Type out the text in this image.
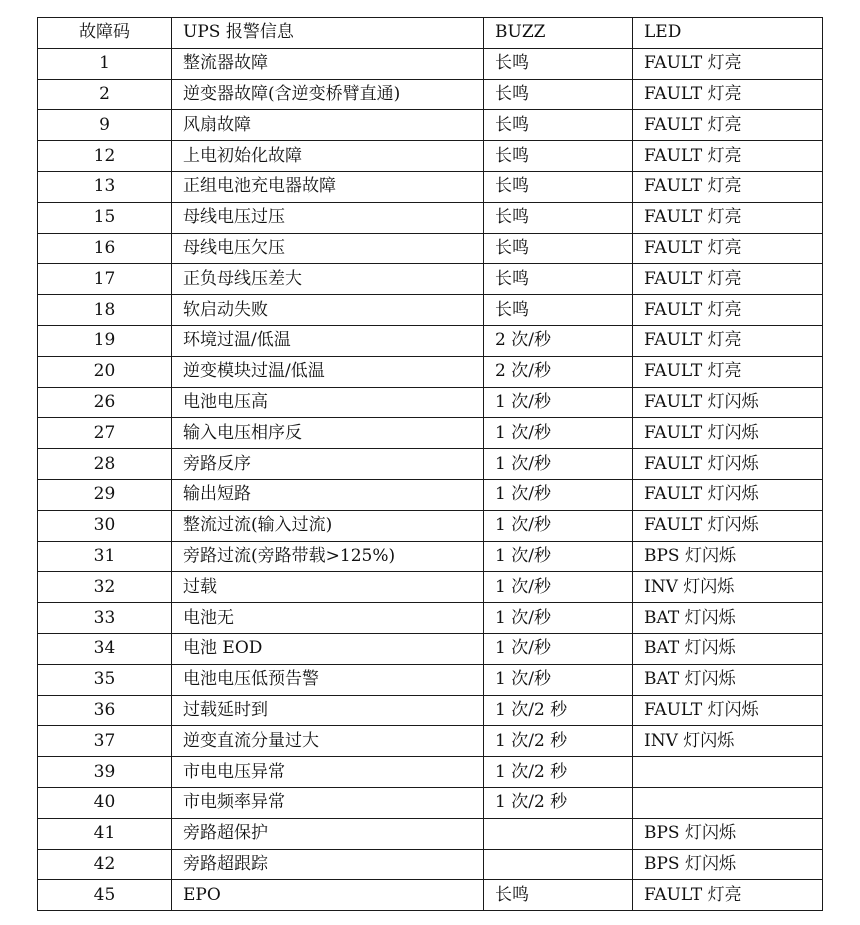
故障码	UPS 报警信息	BUZZ	LED
1	整流器故障	长鸣	FAULT 灯亮
2	逆变器故障(含逆变桥臂直通)	长鸣	FAULT 灯亮
9	风扇故障	长鸣	FAULT 灯亮
12	上电初始化故障	长鸣	FAULT 灯亮
13	正组电池充电器故障	长鸣	FAULT 灯亮
15	母线电压过压	长鸣	FAULT 灯亮
16	母线电压欠压	长鸣	FAULT 灯亮
17	正负母线压差大	长鸣	FAULT 灯亮
18	软启动失败	长鸣	FAULT 灯亮
19	环境过温/低温	2 次/秒	FAULT 灯亮
20	逆变模块过温/低温	2 次/秒	FAULT 灯亮
26	电池电压高	1 次/秒	FAULT 灯闪烁
27	输入电压相序反	1 次/秒	FAULT 灯闪烁
28	旁路反序	1 次/秒	FAULT 灯闪烁
29	输出短路	1 次/秒	FAULT 灯闪烁
30	整流过流(输入过流)	1 次/秒	FAULT 灯闪烁
31	旁路过流(旁路带载>125%)	1 次/秒	BPS 灯闪烁
32	过载	1 次/秒	INV 灯闪烁
33	电池无	1 次/秒	BAT 灯闪烁
34	电池 EOD	1 次/秒	BAT 灯闪烁
35	电池电压低预告警	1 次/秒	BAT 灯闪烁
36	过载延时到	1 次/2 秒	FAULT 灯闪烁
37	逆变直流分量过大	1 次/2 秒	INV 灯闪烁
39	市电电压异常	1 次/2 秒	
40	市电频率异常	1 次/2 秒	
41	旁路超保护		BPS 灯闪烁
42	旁路超跟踪		BPS 灯闪烁
45	EPO	长鸣	FAULT 灯亮
